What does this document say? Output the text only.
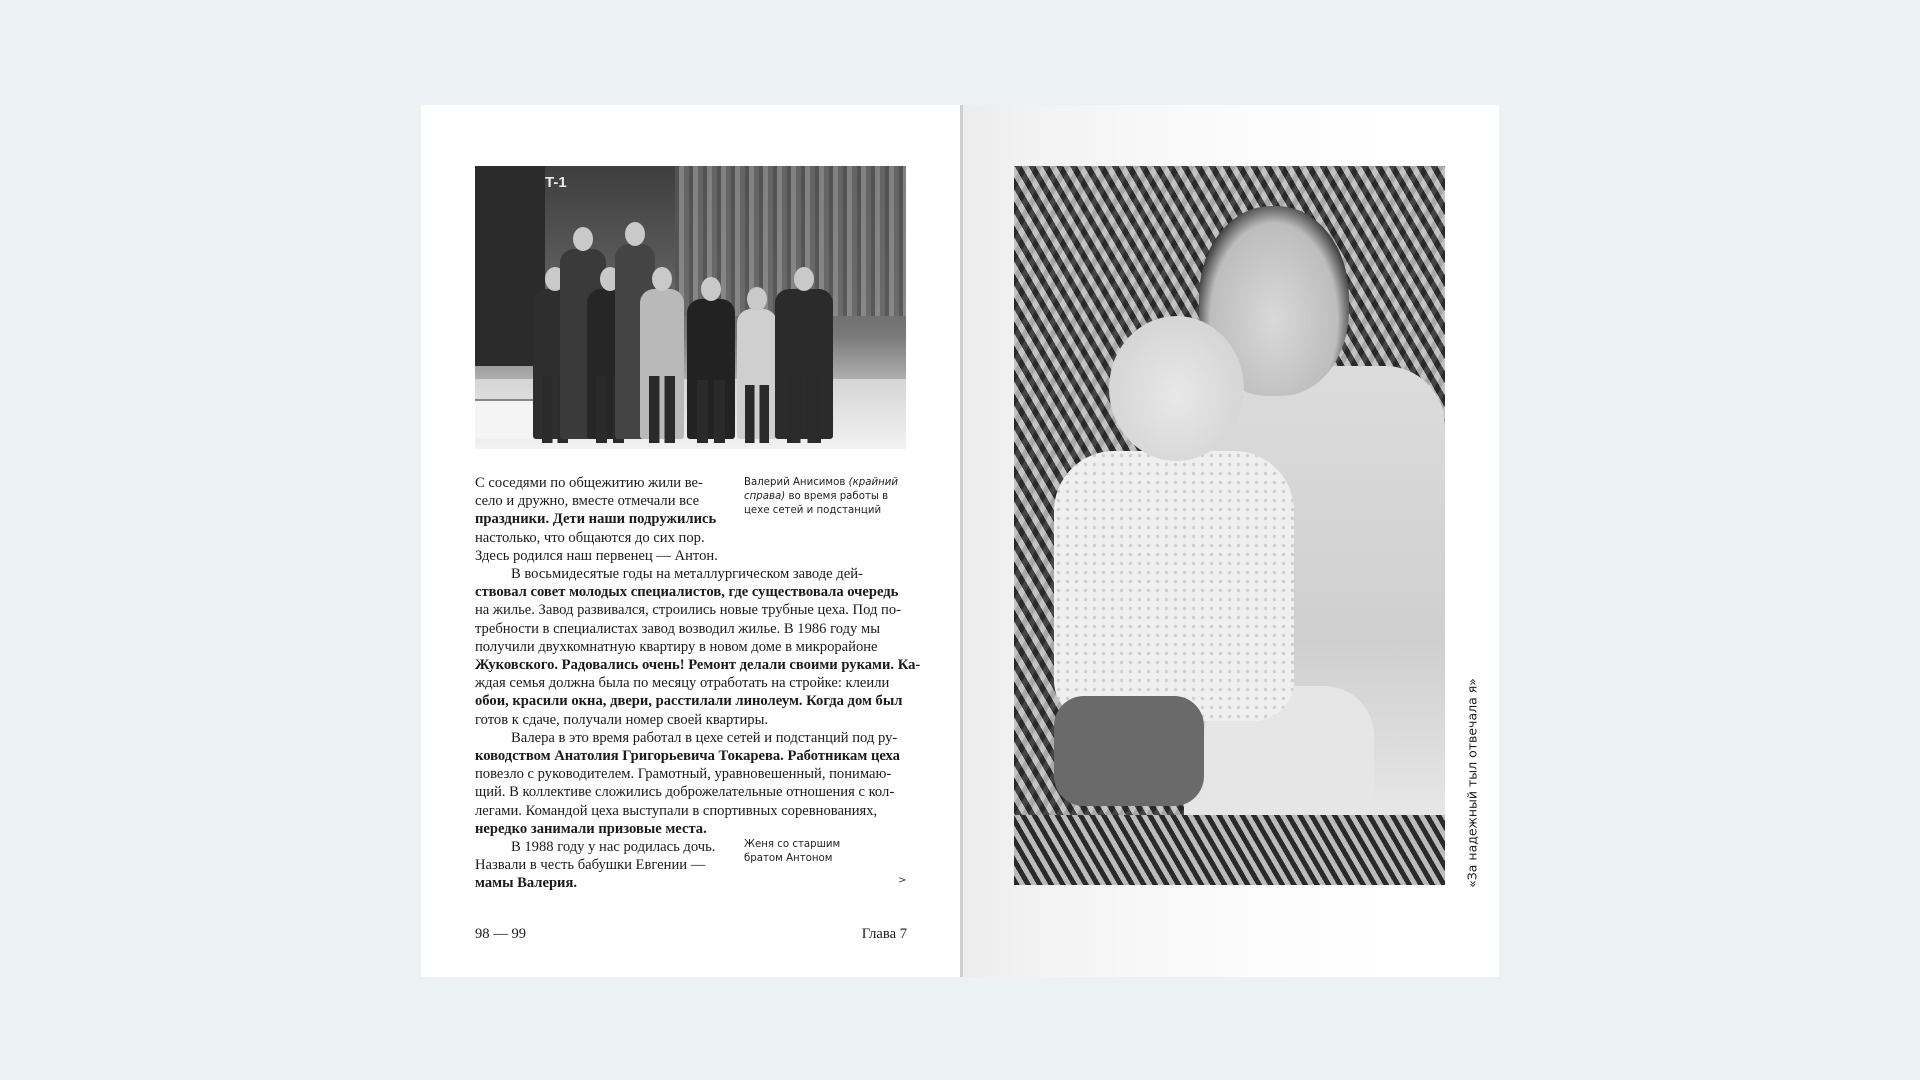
T-1
С соседями по общежитию жили ве-
село и дружно, вместе отмечали все
праздники. Дети наши подружились
настолько, что общаются до сих пор.
Здесь родился наш первенец — Антон.
В восьмидесятые годы на металлургическом заводе дей-
ствовал совет молодых специалистов, где существовала очередь
на жилье. Завод развивался, строились новые трубные цеха. Под по-
требности в специалистах завод возводил жилье. В 1986 году мы
получили двухкомнатную квартиру в новом доме в микрорайоне
Жуковского. Радовались очень! Ремонт делали своими руками. Ка-
ждая семья должна была по месяцу отработать на стройке: клеили
обои, красили окна, двери, расстилали линолеум. Когда дом был
готов к сдаче, получали номер своей квартиры.
Валера в это время работал в цехе сетей и подстанций под ру-
ководством Анатолия Григорьевича Токарева. Работникам цеха
повезло с руководителем. Грамотный, уравновешенный, понимаю-
щий. В коллективе сложились доброжелательные отношения с кол-
легами. Командой цеха выступали в спортивных соревнованиях,
нередко занимали призовые места.
В 1988 году у нас родилась дочь.
Назвали в честь бабушки Евгении —
мамы Валерия.
Валерий Анисимов (крайний справа) во время работы в цехе сетей и подстанций
Женя со старшим
братом Антоном
>
98 — 99	Глава 7
«За надежный тыл отвечала я»
